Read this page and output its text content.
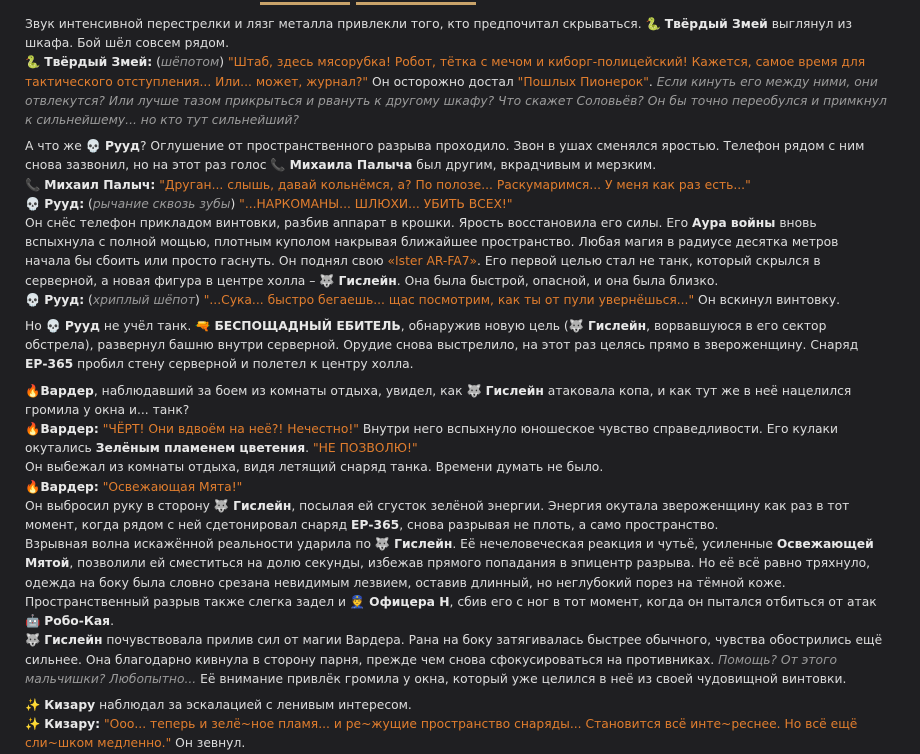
Звук интенсивной перестрелки и лязг металла привлекли того, кто предпочитал скрываться. 🐍 Твёрдый Змей выглянул из шкафа. Бой шёл совсем рядом.

🐍 Твёрдый Змей: (шёпотом) "Штаб, здесь мясорубка! Робот, тётка с мечом и киборг-полицейский! Кажется, самое время для тактического отступления... Или... может, журнал?" Он осторожно достал "Пошлых Пионерок". Если кинуть его между ними, они отвлекутся? Или лучше тазом прикрыться и рвануть к другому шкафу? Что скажет Соловьёв? Он бы точно переобулся и примкнул к сильнейшему... но кто тут сильнейший?

А что же 💀 Рууд? Оглушение от пространственного разрыва проходило. Звон в ушах сменялся яростью. Телефон рядом с ним снова зазвонил, но на этот раз голос 📞 Михаила Палыча был другим, вкрадчивым и мерзким.

📞 Михаил Палыч: "Друган... слышь, давай кольнёмся, а? По полозе... Раскумаримся... У меня как раз есть..."

💀 Рууд: (рычание сквозь зубы) "...НАРКОМАНЫ... ШЛЮХИ... УБИТЬ ВСЕХ!"

Он снёс телефон прикладом винтовки, разбив аппарат в крошки. Ярость восстановила его силы. Его Аура войны вновь вспыхнула с полной мощью, плотным куполом накрывая ближайшее пространство. Любая магия в радиусе десятка метров начала бы сбоить или просто гаснуть. Он поднял свою «Ister AR-FA7». Его первой целью стал не танк, который скрылся в серверной, а новая фигура в центре холла – 🐺 Гислейн. Она была быстрой, опасной, и она была близко.

💀 Рууд: (хриплый шёпот) "...Сука... быстро бегаешь... щас посмотрим, как ты от пули увернёшься..." Он вскинул винтовку.

Но 💀 Рууд не учёл танк. 🔫 БЕСПОЩАДНЫЙ ЕБИТЕЛЬ, обнаружив новую цель (🐺 Гислейн, ворвавшуюся в его сектор обстрела), развернул башню внутри серверной. Орудие снова выстрелило, на этот раз целясь прямо в звероженщину. Снаряд ЕР-365 пробил стену серверной и полетел к центру холла.

🔥Вардер, наблюдавший за боем из комнаты отдыха, увидел, как 🐺 Гислейн атаковала копа, и как тут же в неё нацелился громила у окна и... танк?

🔥Вардер: "ЧЁРТ! Они вдвоём на неё?! Нечестно!" Внутри него вспыхнуло юношеское чувство справедливости. Его кулаки окутались Зелёным пламенем цветения. "НЕ ПОЗВОЛЮ!"

Он выбежал из комнаты отдыха, видя летящий снаряд танка. Времени думать не было.

🔥Вардер: "Освежающая Мята!"

Он выбросил руку в сторону 🐺 Гислейн, посылая ей сгусток зелёной энергии. Энергия окутала звероженщину как раз в тот момент, когда рядом с ней сдетонировал снаряд ЕР-365, снова разрывая не плоть, а само пространство.

Взрывная волна искажённой реальности ударила по 🐺 Гислейн. Её нечеловеческая реакция и чутьё, усиленные Освежающей Мятой, позволили ей сместиться на долю секунды, избежав прямого попадания в эпицентр разрыва. Но её всё равно тряхнуло, одежда на боку была словно срезана невидимым лезвием, оставив длинный, но неглубокий порез на тёмной коже. Пространственный разрыв также слегка задел и 👮 Офицера Н, сбив его с ног в тот момент, когда он пытался отбиться от атак 🤖 Робо-Кая.

🐺 Гислейн почувствовала прилив сил от магии Вардера. Рана на боку затягивалась быстрее обычного, чувства обострились ещё сильнее. Она благодарно кивнула в сторону парня, прежде чем снова сфокусироваться на противниках. Помощь? От этого мальчишки? Любопытно... Её внимание привлёк громила у окна, который уже целился в неё из своей чудовищной винтовки.

✨ Кизару наблюдал за эскалацией с ленивым интересом.

✨ Кизару: "Ооо... теперь и зелё~ное пламя... и ре~жущие пространство снаряды... Становится всё инте~реснее. Но всё ещё сли~шком медленно." Он зевнул.
